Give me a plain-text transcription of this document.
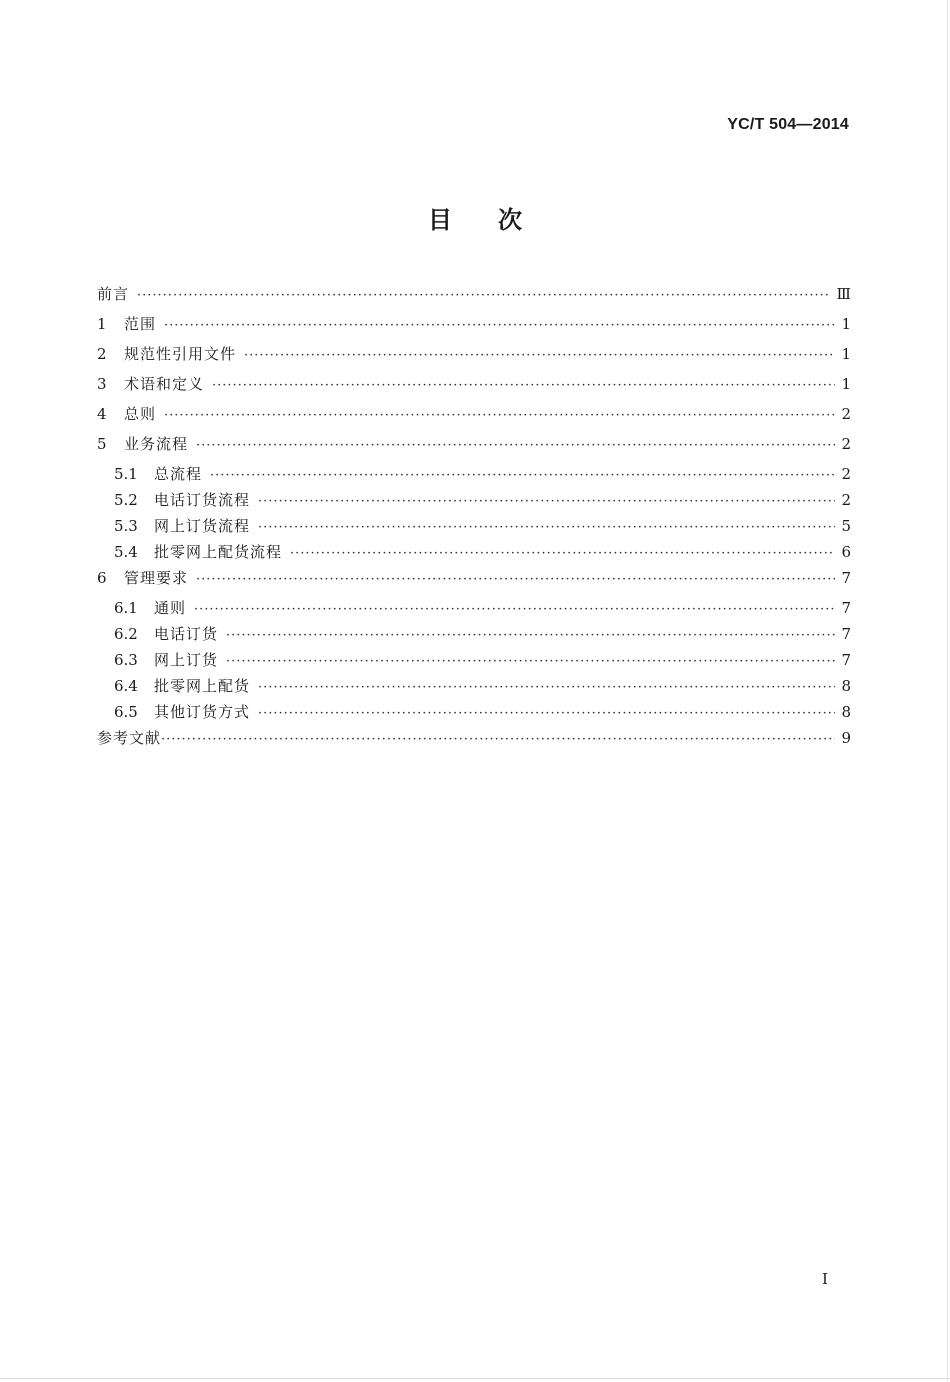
YC/T 504—2014
目次
前言 ·····	Ⅲ
1	范围 ·····	1
2	规范性引用文件 ·····	1
3	术语和定义 ·····	1
4	总则 ·····	2
5	业务流程 ·····	2
5.1	总流程 ·····	2
5.2	电话订货流程 ·····	2
5.3	网上订货流程 ·····	5
5.4	批零网上配货流程 ·····	6
6	管理要求 ·····	7
6.1	通则 ·····	7
6.2	电话订货 ·····	7
6.3	网上订货 ·····	7
6.4	批零网上配货 ·····	8
6.5	其他订货方式 ·····	8
参考文献 ·····	9
I
